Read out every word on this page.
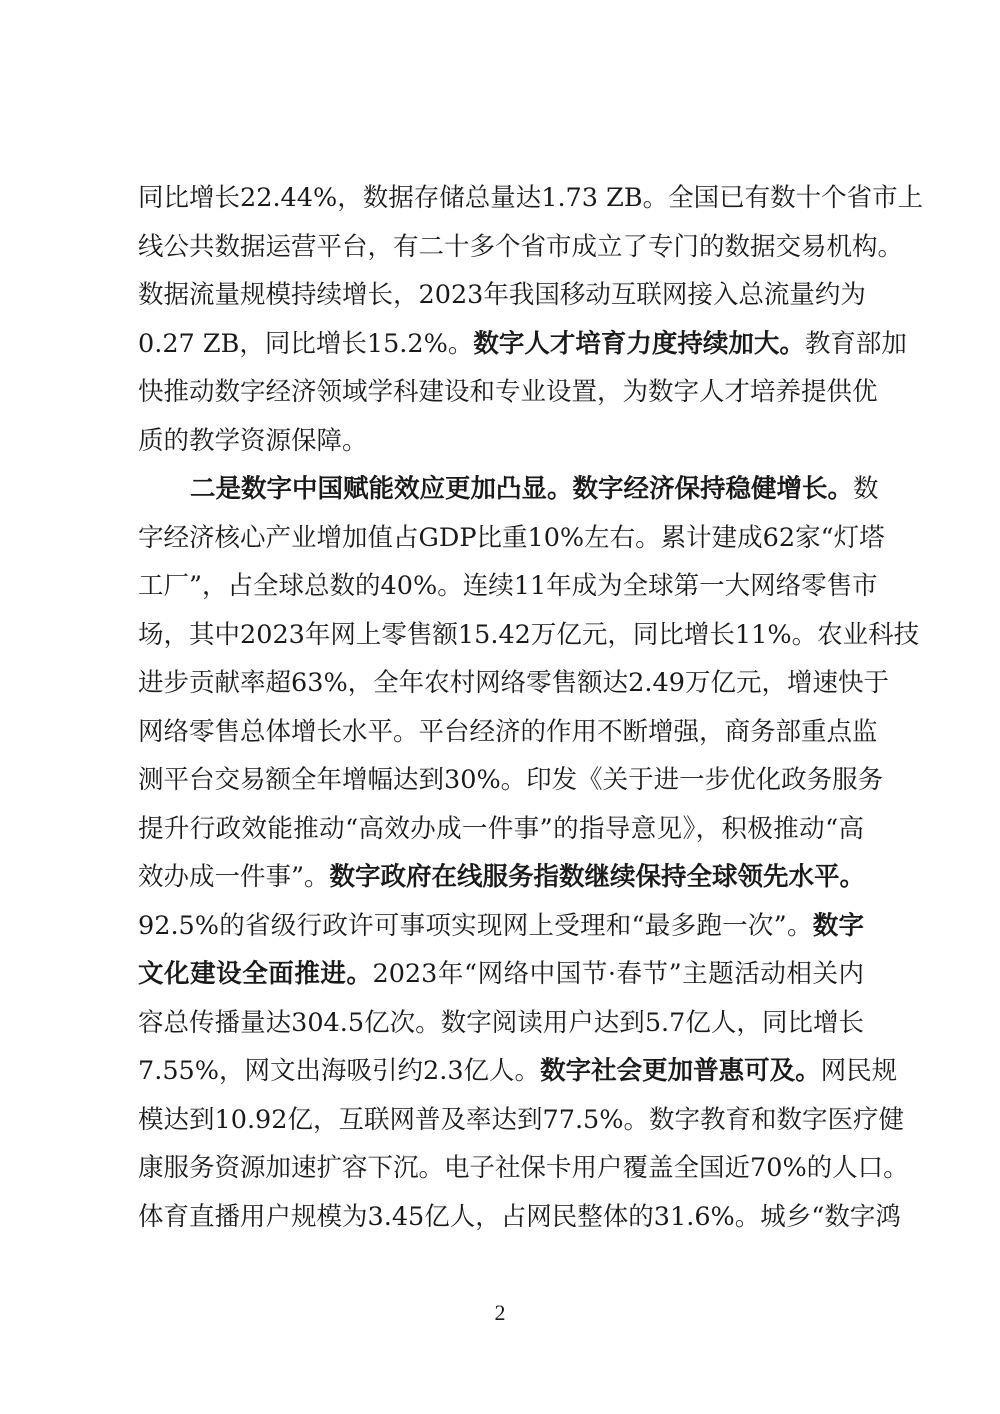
同比增长22.44%，数据存储总量达1.73 ZB。全国已有数十个省市上
线公共数据运营平台，有二十多个省市成立了专门的数据交易机构。
数据流量规模持续增长，2023年我国移动互联网接入总流量约为
0.27 ZB，同比增长15.2%。数字人才培育力度持续加大。教育部加
快推动数字经济领域学科建设和专业设置，为数字人才培养提供优
质的教学资源保障。
二是数字中国赋能效应更加凸显。数字经济保持稳健增长。数
字经济核心产业增加值占GDP比重10%左右。累计建成62家“灯塔
工厂”，占全球总数的40%。连续11年成为全球第一大网络零售市
场，其中2023年网上零售额15.42万亿元，同比增长11%。农业科技
进步贡献率超63%，全年农村网络零售额达2.49万亿元，增速快于
网络零售总体增长水平。平台经济的作用不断增强，商务部重点监
测平台交易额全年增幅达到30%。印发《关于进一步优化政务服务
提升行政效能推动“高效办成一件事”的指导意见》，积极推动“高
效办成一件事”。数字政府在线服务指数继续保持全球领先水平。
92.5%的省级行政许可事项实现网上受理和“最多跑一次”。数字
文化建设全面推进。2023年“网络中国节·春节”主题活动相关内
容总传播量达304.5亿次。数字阅读用户达到5.7亿人，同比增长
7.55%，网文出海吸引约2.3亿人。数字社会更加普惠可及。网民规
模达到10.92亿，互联网普及率达到77.5%。数字教育和数字医疗健
康服务资源加速扩容下沉。电子社保卡用户覆盖全国近70%的人口。
体育直播用户规模为3.45亿人，占网民整体的31.6%。城乡“数字鸿
2
